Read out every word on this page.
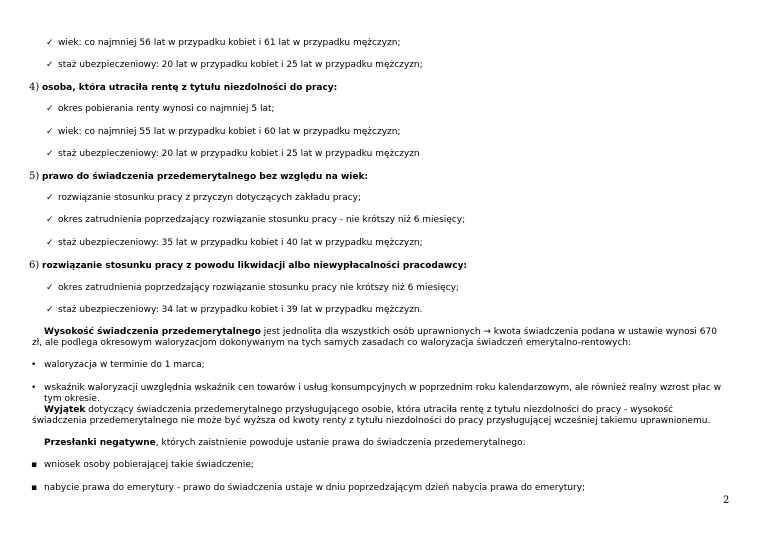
✓ wiek: co najmniej 56 lat w przypadku kobiet i 61 lat w przypadku mężczyzn;
✓ staż ubezpieczeniowy: 20 lat w przypadku kobiet i 25 lat w przypadku mężczyzn;
4) osoba, która utraciła rentę z tytułu niezdolności do pracy:
✓ okres pobierania renty wynosi co najmniej 5 lat;
✓ wiek: co najmniej 55 lat w przypadku kobiet i 60 lat w przypadku mężczyzn;
✓ staż ubezpieczeniowy: 20 lat w przypadku kobiet i 25 lat w przypadku mężczyzn
5) prawo do świadczenia przedemerytalnego bez względu na wiek:
✓ rozwiązanie stosunku pracy z przyczyn dotyczących zakładu pracy;
✓ okres zatrudnienia poprzedzający rozwiązanie stosunku pracy - nie krótszy niż 6 miesięcy;
✓ staż ubezpieczeniowy: 35 lat w przypadku kobiet i 40 lat w przypadku mężczyzn;
6) rozwiązanie stosunku pracy z powodu likwidacji albo niewypłacalności pracodawcy:
✓ okres zatrudnienia poprzedzający rozwiązanie stosunku pracy nie krótszy niż 6 miesięcy;
✓ staż ubezpieczeniowy: 34 lat w przypadku kobiet i 39 lat w przypadku mężczyzn.
Wysokość świadczenia przedemerytalnego jest jednolita dla wszystkich osób uprawnionych → kwota świadczenia podana w ustawie wynosi 670
zł, ale podlega okresowym waloryzacjom dokonywanym na tych samych zasadach co waloryzacja świadczeń emerytalno-rentowych:
• waloryzacja w terminie do 1 marca;
• wskaźnik waloryzacji uwzględnia wskaźnik cen towarów i usług konsumpcyjnych w poprzednim roku kalendarzowym, ale również realny wzrost płac w
tym okresie.
Wyjątek dotyczący świadczenia przedemerytalnego przysługującego osobie, która utraciła rentę z tytułu niezdolności do pracy - wysokość
świadczenia przedemerytalnego nie może być wyższa od kwoty renty z tytułu niezdolności do pracy przysługującej wcześniej takiemu uprawnionemu.
Przesłanki negatywne, których zaistnienie powoduje ustanie prawa do świadczenia przedemerytalnego:
▪ wniosek osoby pobierającej takie świadczenie;
▪ nabycie prawa do emerytury - prawo do świadczenia ustaje w dniu poprzedzającym dzień nabycia prawa do emerytury;
2
